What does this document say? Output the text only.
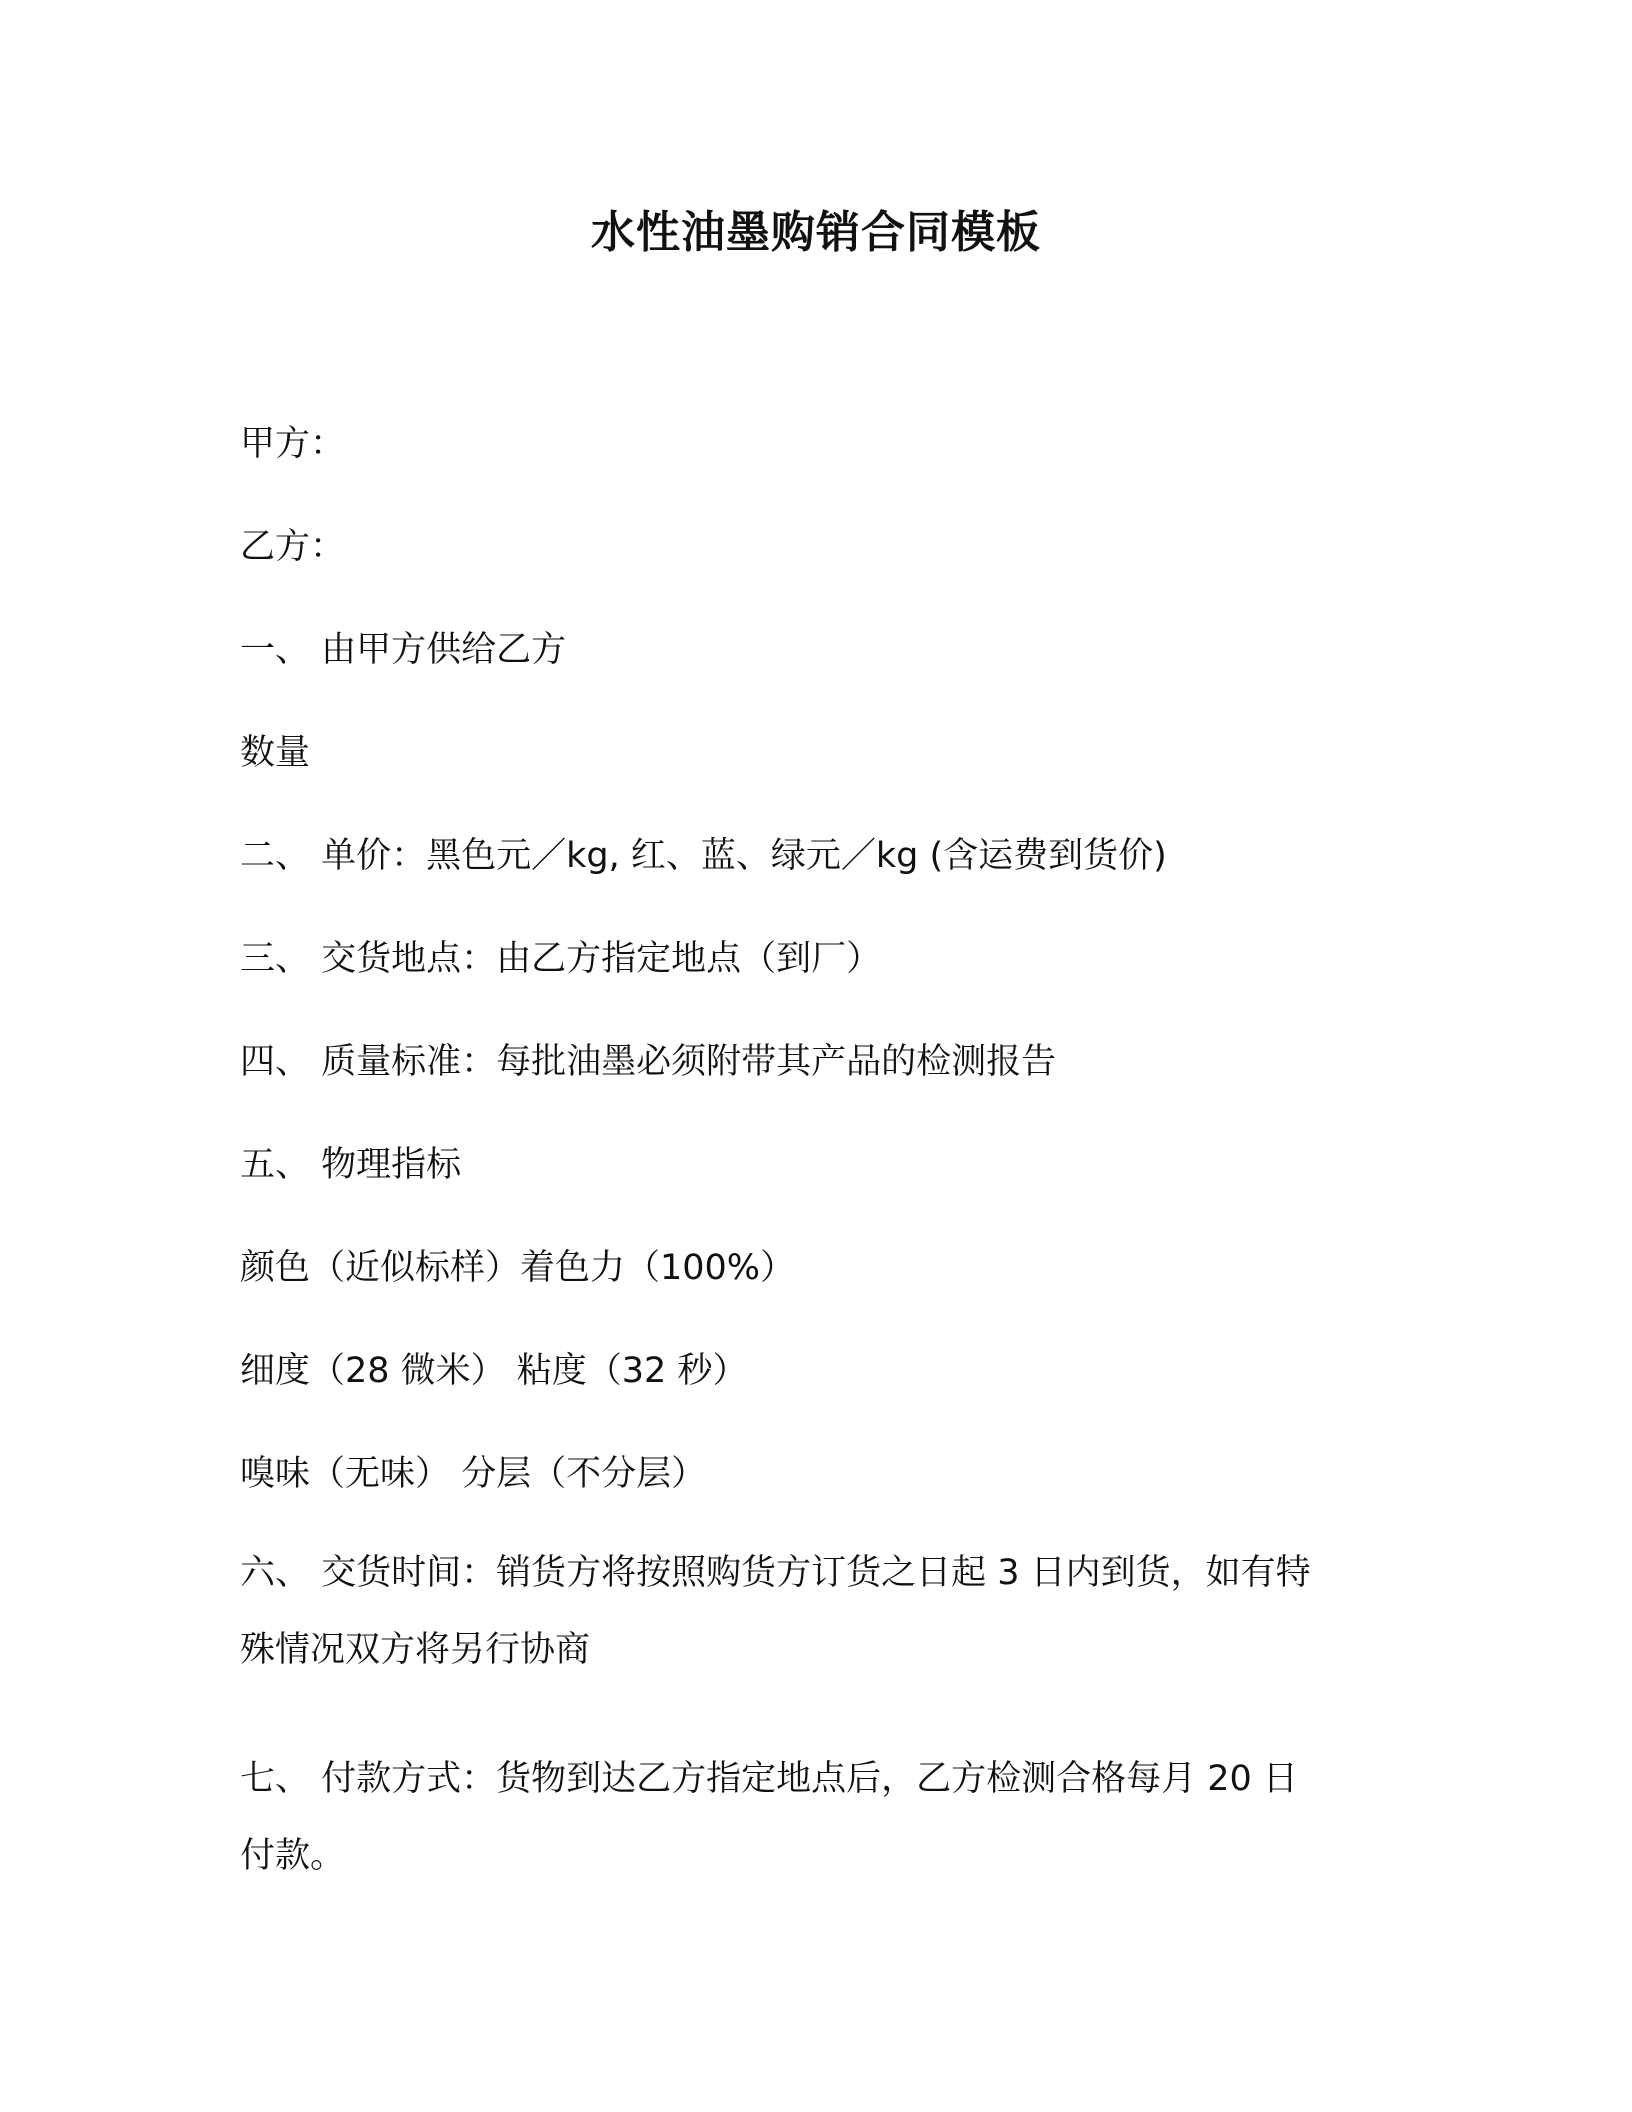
水性油墨购销合同模板
甲方：
乙方：
一、 由甲方供给乙方
数量
二、 单价：黑色元／kg, 红、蓝、绿元／kg (含运费到货价)
三、 交货地点：由乙方指定地点（到厂）
四、 质量标准：每批油墨必须附带其产品的检测报告
五、 物理指标
颜色（近似标样）着色力（100%）
细度（28 微米） 粘度（32 秒）
嗅味（无味） 分层（不分层）
六、 交货时间：销货方将按照购货方订货之日起 3 日内到货，如有特
殊情况双方将另行协商
七、 付款方式：货物到达乙方指定地点后，乙方检测合格每月 20 日
付款。
